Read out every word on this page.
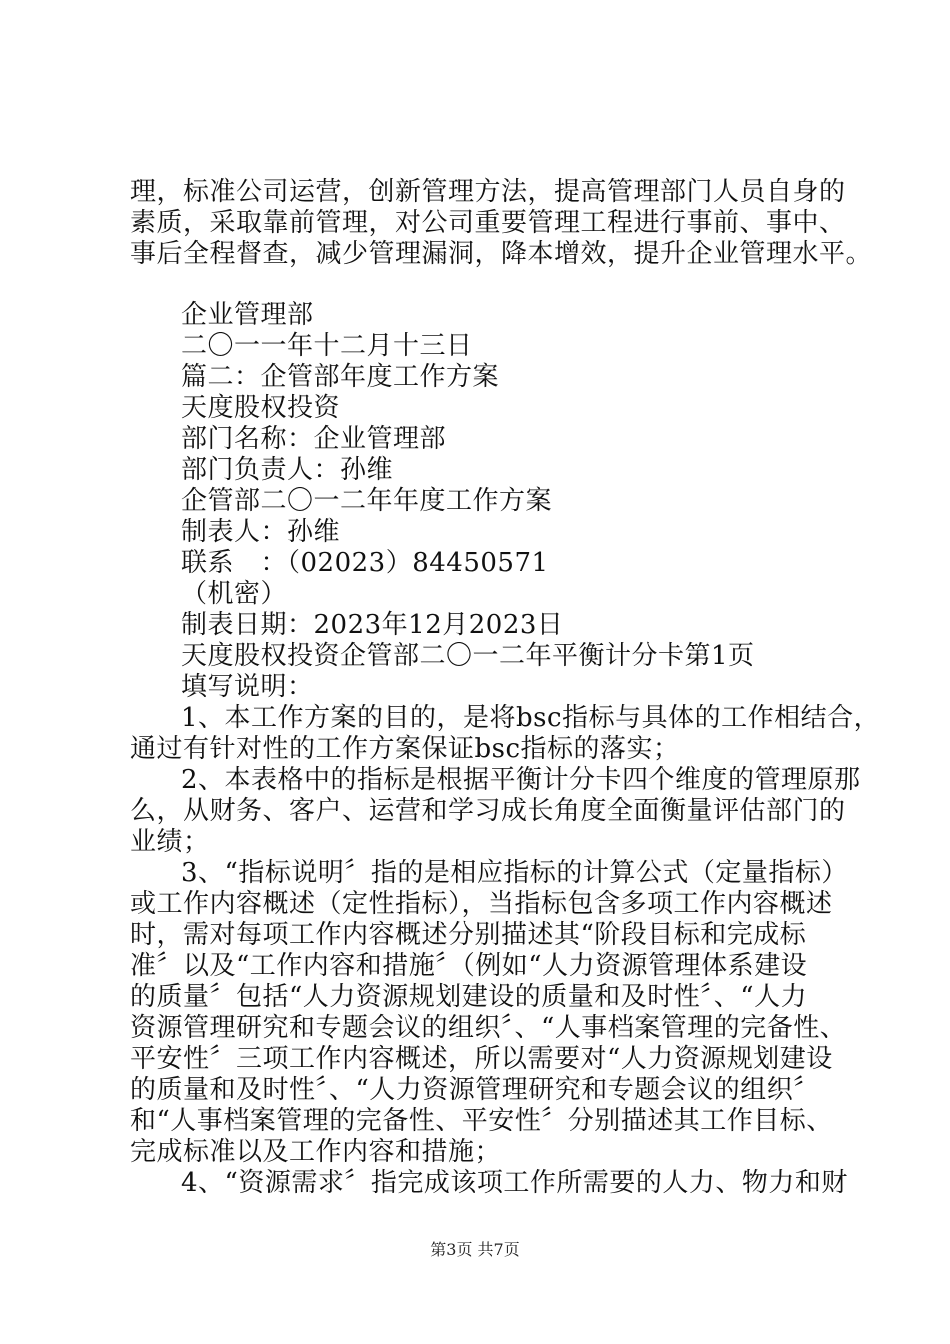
理，标准公司运营，创新管理方法，提高管理部门人员自身的
素质，采取靠前管理，对公司重要管理工程进行事前、事中、
事后全程督查，减少管理漏洞，降本增效，提升企业管理水平。
企业管理部
二〇一一年十二月十三日
篇二：企管部年度工作方案
天度股权投资
部门名称：企业管理部
部门负责人：孙维
企管部二〇一二年年度工作方案
制表人：孙维
联系　：（02023）84450571
（机密）
制表日期：2023年12月2023日
天度股权投资企管部二〇一二年平衡计分卡第1页
填写说明：
1、本工作方案的目的，是将bsc指标与具体的工作相结合，
通过有针对性的工作方案保证bsc指标的落实；
2、本表格中的指标是根据平衡计分卡四个维度的管理原那
么，从财务、客户、运营和学习成长角度全面衡量评估部门的
业绩；
3、“指标说明〞指的是相应指标的计算公式（定量指标）
或工作内容概述（定性指标），当指标包含多项工作内容概述
时，需对每项工作内容概述分别描述其“阶段目标和完成标
准〞以及“工作内容和措施〞（例如“人力资源管理体系建设
的质量〞包括“人力资源规划建设的质量和及时性〞、“人力
资源管理研究和专题会议的组织〞、“人事档案管理的完备性、
平安性〞三项工作内容概述，所以需要对“人力资源规划建设
的质量和及时性〞、“人力资源管理研究和专题会议的组织〞
和“人事档案管理的完备性、平安性〞分别描述其工作目标、
完成标准以及工作内容和措施；
4、“资源需求〞指完成该项工作所需要的人力、物力和财
第3页 共7页
